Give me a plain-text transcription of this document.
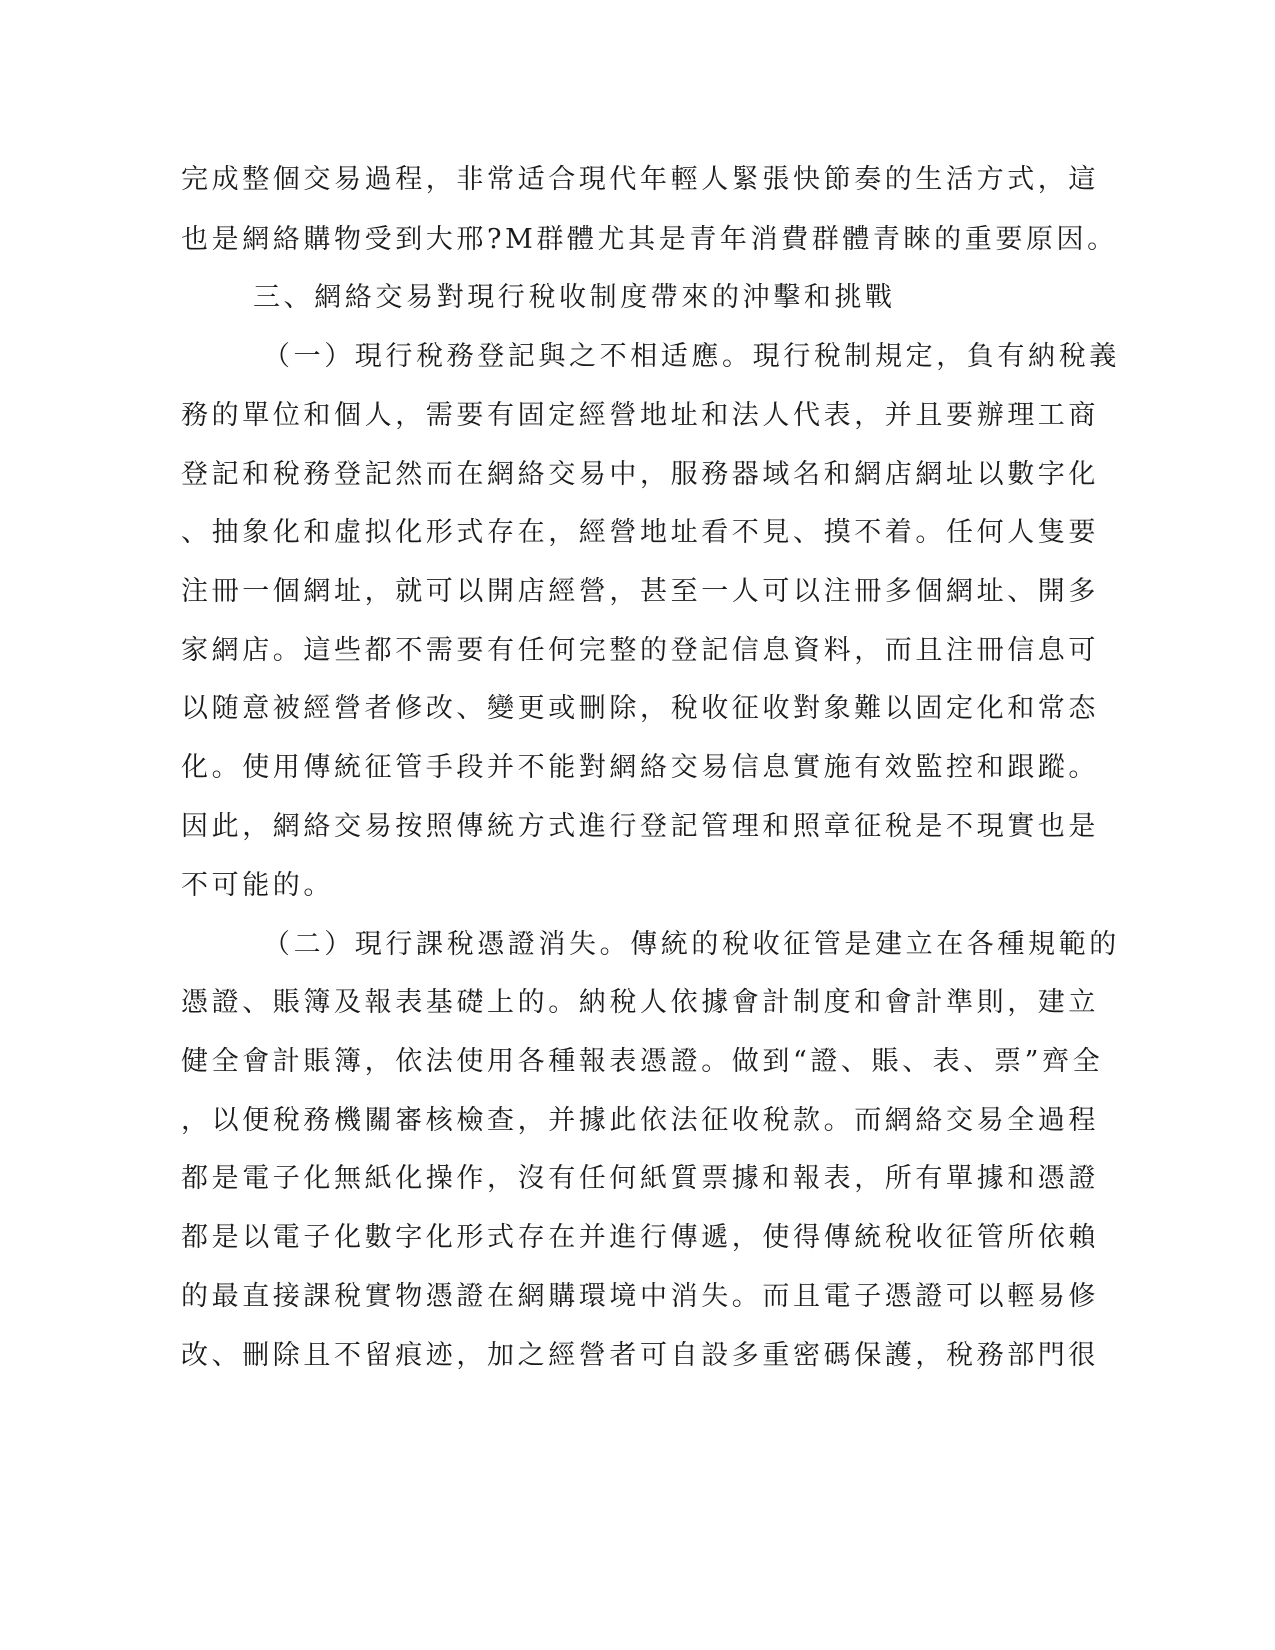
完成整個交易過程，非常适合現代年輕人緊張快節奏的生活方式，這
也是網絡購物受到大邢?M群體尤其是青年消費群體青睞的重要原因。
三、網絡交易對現行稅收制度帶來的沖擊和挑戰
（一）現行稅務登記與之不相适應。現行稅制規定，負有納稅義
務的單位和個人，需要有固定經營地址和法人代表，并且要辦理工商
登記和稅務登記然而在網絡交易中，服務器域名和網店網址以數字化
、抽象化和虛拟化形式存在，經營地址看不見、摸不着。任何人隻要
注冊一個網址，就可以開店經營，甚至一人可以注冊多個網址、開多
家網店。這些都不需要有任何完整的登記信息資料，而且注冊信息可
以随意被經營者修改、變更或刪除，稅收征收對象難以固定化和常态
化。使用傳統征管手段并不能對網絡交易信息實施有效監控和跟蹤。
因此，網絡交易按照傳統方式進行登記管理和照章征稅是不現實也是
不可能的。
（二）現行課稅憑證消失。傳統的稅收征管是建立在各種規範的
憑證、賬簿及報表基礎上的。納稅人依據會計制度和會計準則，建立
健全會計賬簿，依法使用各種報表憑證。做到“證、賬、表、票”齊全
，以便稅務機關審核檢查，并據此依法征收稅款。而網絡交易全過程
都是電子化無紙化操作，沒有任何紙質票據和報表，所有單據和憑證
都是以電子化數字化形式存在并進行傳遞，使得傳統稅收征管所依賴
的最直接課稅實物憑證在網購環境中消失。而且電子憑證可以輕易修
改、刪除且不留痕迹，加之經營者可自設多重密碼保護，稅務部門很
